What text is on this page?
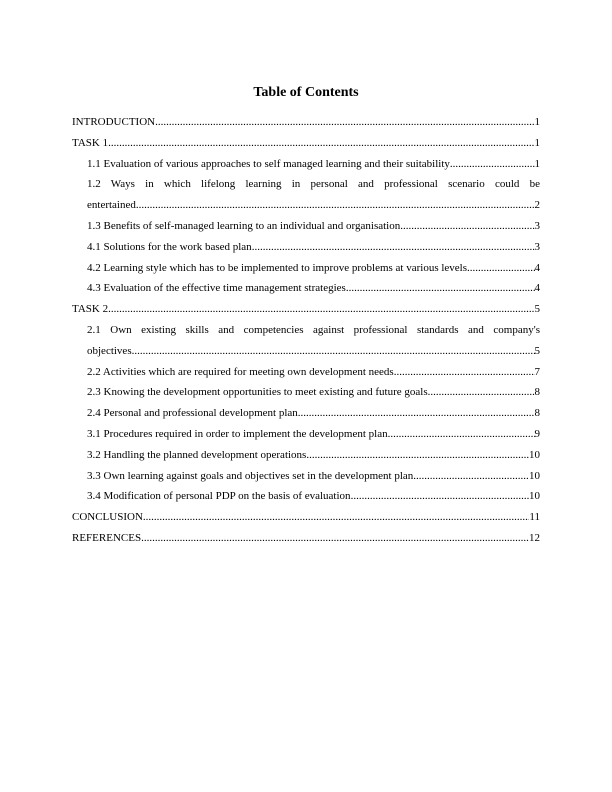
Table of Contents
INTRODUCTION .....	1
TASK 1 .....	1
1.1 Evaluation of various approaches to self managed learning and their suitability .....	1
1.2 Ways in which lifelong learning in personal and professional scenario could be
entertained .....	2
1.3 Benefits of self-managed learning to an individual and organisation .....	3
4.1 Solutions for the work based plan .....	3
4.2 Learning style which has to be implemented to improve problems at various levels .....	4
4.3 Evaluation of the effective time management strategies .....	4
TASK 2 .....	5
2.1 Own existing skills and competencies against professional standards and company's
objectives .....	5
2.2 Activities which are required for meeting own development needs .....	7
2.3 Knowing the development opportunities to meet existing and future goals .....	8
2.4 Personal and professional development plan .....	8
3.1 Procedures required in order to implement the development plan .....	9
3.2 Handling the planned development operations .....	10
3.3 Own learning against goals and objectives set in the development plan .....	10
3.4 Modification of personal PDP on the basis of evaluation .....	10
CONCLUSION .....	11
REFERENCES .....	12
